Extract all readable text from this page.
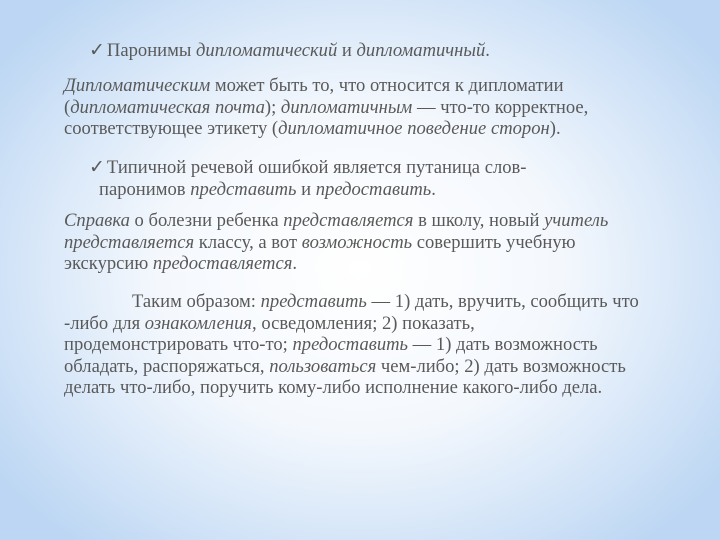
✓ Паронимы дипломатический и дипломатичный.
Дипломатическим может быть то, что относится к дипломатии
(дипломатическая почта); дипломатичным — что-то корректное,
соответствующее этикету (дипломатичное поведение сторон).
✓ Типичной речевой ошибкой является путаница слов-
паронимов представить и предоставить.
Справка о болезни ребенка представляется в школу, новый учитель
представляется классу, а вот возможность совершить учебную
экскурсию предоставляется.
Таким образом: представить — 1) дать, вручить, сообщить что
-либо для ознакомления, осведомления; 2) показать,
продемонстрировать что-то; предоставить — 1) дать возможность
обладать, распоряжаться, пользоваться чем-либо; 2) дать возможность
делать что-либо, поручить кому-либо исполнение какого-либо дела.
